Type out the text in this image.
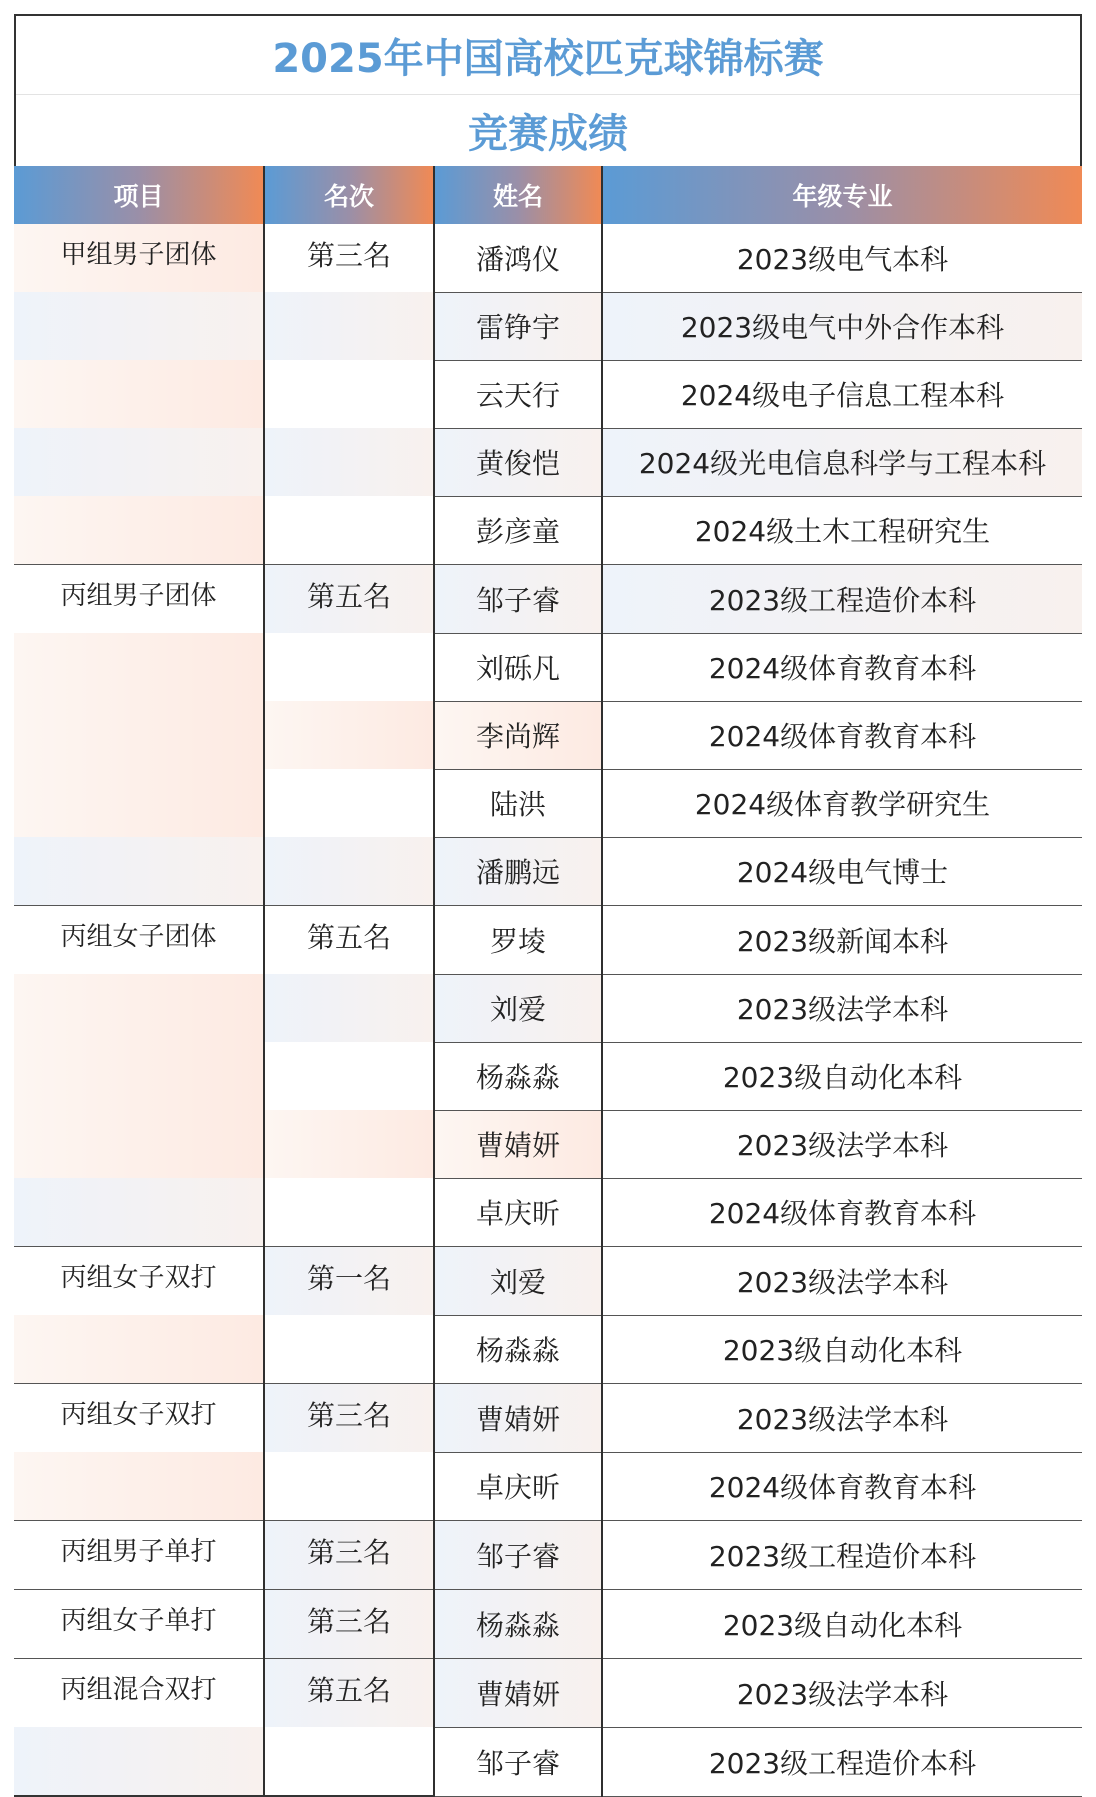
2025年中国高校匹克球锦标赛
竞赛成绩
项目	名次	姓名	年级专业
甲组男子团体	第三名	潘鸿仪	2023级电气本科
		雷铮宇	2023级电气中外合作本科
		云天行	2024级电子信息工程本科
		黄俊恺	2024级光电信息科学与工程本科
		彭彦童	2024级土木工程研究生
丙组男子团体	第五名	邹子睿	2023级工程造价本科
		刘砾凡	2024级体育教育本科
		李尚辉	2024级体育教育本科
		陆洪	2024级体育教学研究生
		潘鹏远	2024级电气博士
丙组女子团体	第五名	罗堎	2023级新闻本科
		刘爱	2023级法学本科
		杨淼淼	2023级自动化本科
		曹婧妍	2023级法学本科
		卓庆昕	2024级体育教育本科
丙组女子双打	第一名	刘爱	2023级法学本科
		杨淼淼	2023级自动化本科
丙组女子双打	第三名	曹婧妍	2023级法学本科
		卓庆昕	2024级体育教育本科
丙组男子单打	第三名	邹子睿	2023级工程造价本科
丙组女子单打	第三名	杨淼淼	2023级自动化本科
丙组混合双打	第五名	曹婧妍	2023级法学本科
		邹子睿	2023级工程造价本科
